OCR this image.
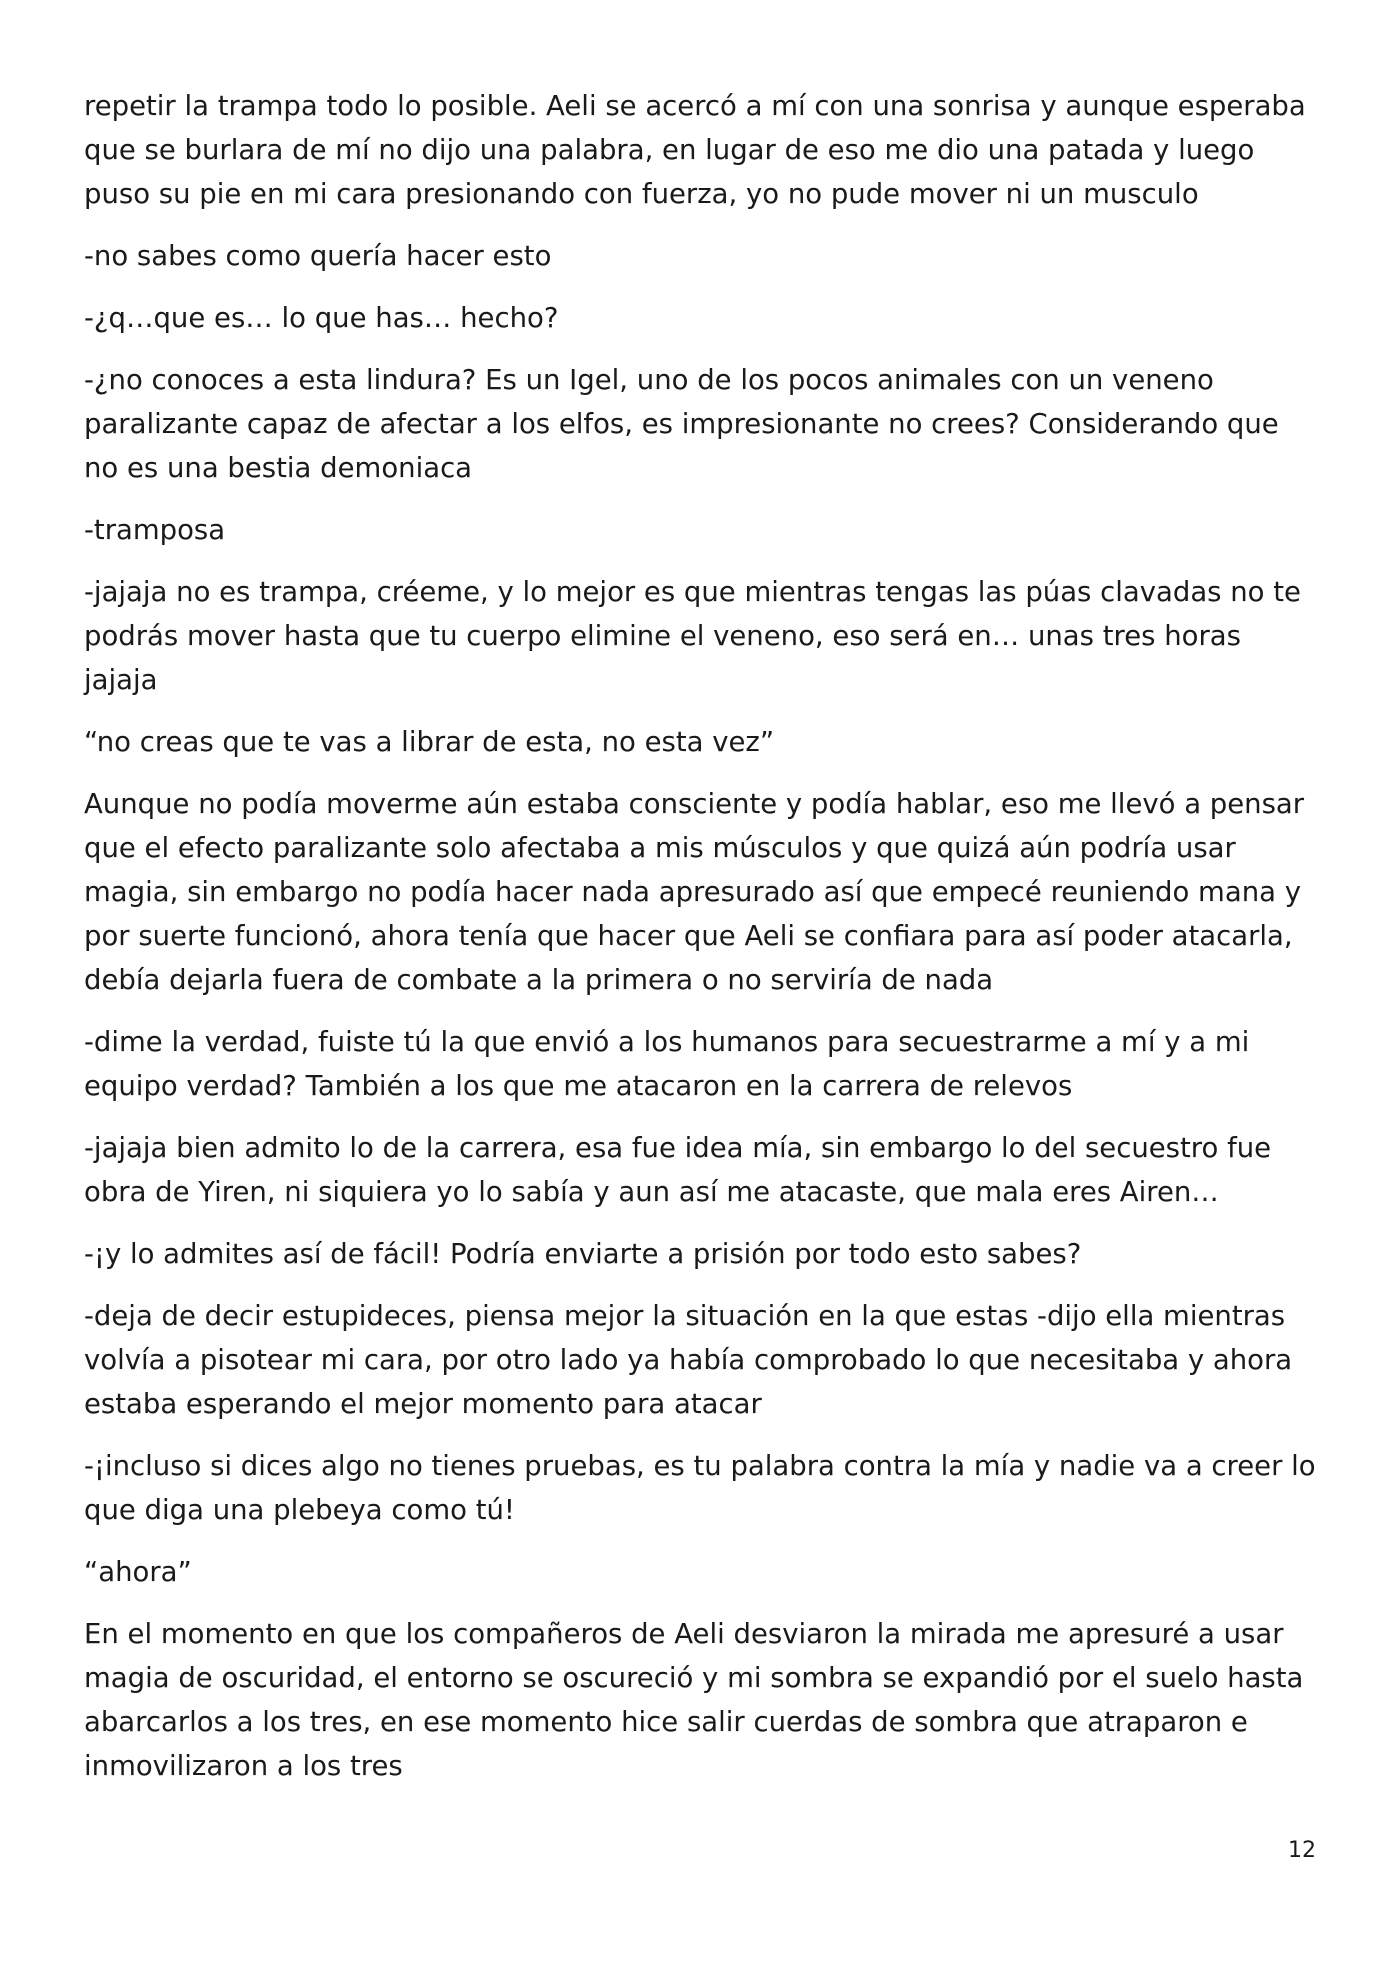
repetir la trampa todo lo posible. Aeli se acercó a mí con una sonrisa y aunque esperaba que se burlara de mí no dijo una palabra, en lugar de eso me dio una patada y luego puso su pie en mi cara presionando con fuerza, yo no pude mover ni un musculo

-no sabes como quería hacer esto

-¿q…que es… lo que has… hecho?

-¿no conoces a esta lindura? Es un Igel, uno de los pocos animales con un veneno paralizante capaz de afectar a los elfos, es impresionante no crees? Considerando que no es una bestia demoniaca

-tramposa

-jajaja no es trampa, créeme, y lo mejor es que mientras tengas las púas clavadas no te podrás mover hasta que tu cuerpo elimine el veneno, eso será en… unas tres horas jajaja

“no creas que te vas a librar de esta, no esta vez”

Aunque no podía moverme aún estaba consciente y podía hablar, eso me llevó a pensar que el efecto paralizante solo afectaba a mis músculos y que quizá aún podría usar magia, sin embargo no podía hacer nada apresurado así que empecé reuniendo mana y por suerte funcionó, ahora tenía que hacer que Aeli se confiara para así poder atacarla, debía dejarla fuera de combate a la primera o no serviría de nada

-dime la verdad, fuiste tú la que envió a los humanos para secuestrarme a mí y a mi equipo verdad? También a los que me atacaron en la carrera de relevos

-jajaja bien admito lo de la carrera, esa fue idea mía, sin embargo lo del secuestro fue obra de Yiren, ni siquiera yo lo sabía y aun así me atacaste, que mala eres Airen…

-¡y lo admites así de fácil! Podría enviarte a prisión por todo esto sabes?

-deja de decir estupideces, piensa mejor la situación en la que estas -dijo ella mientras volvía a pisotear mi cara, por otro lado ya había comprobado lo que necesitaba y ahora estaba esperando el mejor momento para atacar

-¡incluso si dices algo no tienes pruebas, es tu palabra contra la mía y nadie va a creer lo que diga una plebeya como tú!

“ahora”

En el momento en que los compañeros de Aeli desviaron la mirada me apresuré a usar magia de oscuridad, el entorno se oscureció y mi sombra se expandió por el suelo hasta abarcarlos a los tres, en ese momento hice salir cuerdas de sombra que atraparon e inmovilizaron a los tres

12
